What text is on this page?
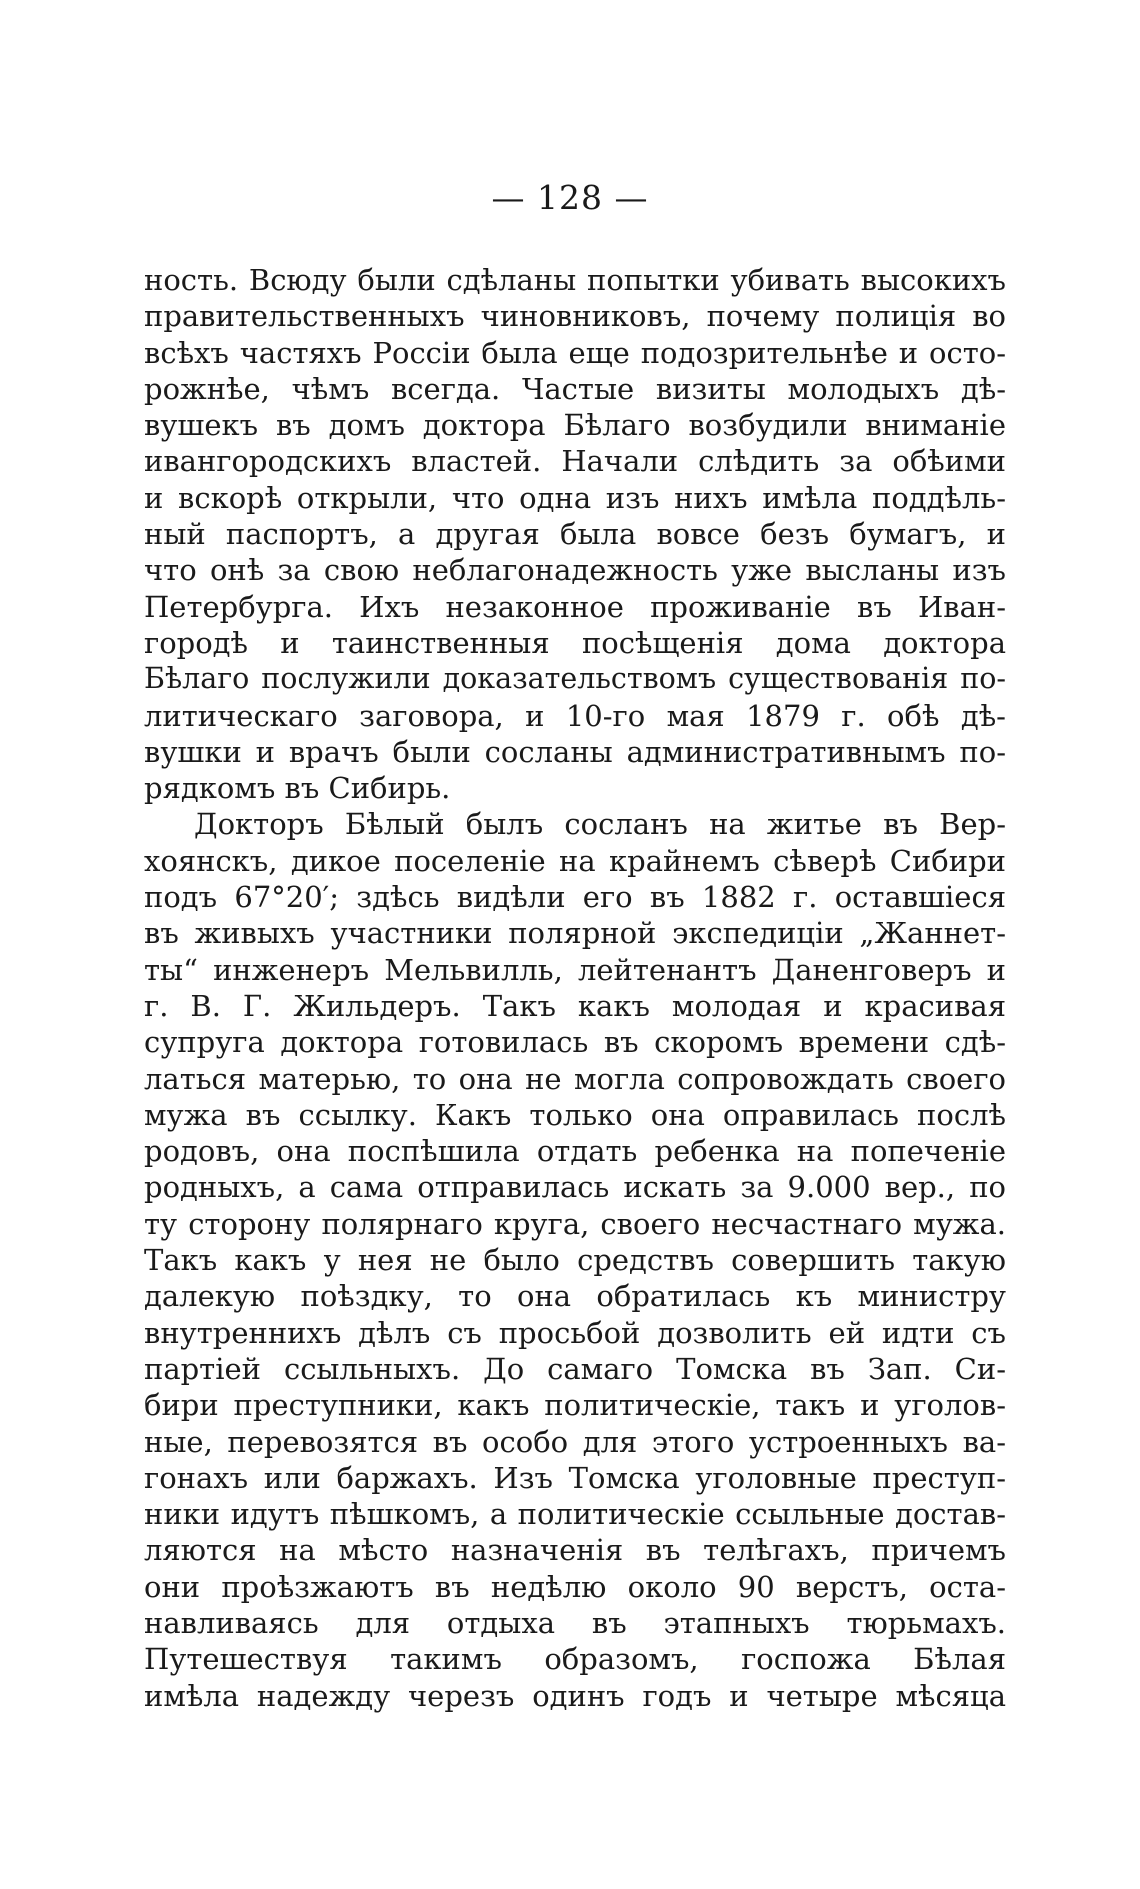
— 128 —
ность. Всюду были сдѣланы попытки убивать высокихъ
правительственныхъ чиновниковъ, почему полиція во
всѣхъ частяхъ Россіи была еще подозрительнѣе и осто-
рожнѣе, чѣмъ всегда. Частые визиты молодыхъ дѣ-
вушекъ въ домъ доктора Бѣлаго возбудили вниманіе
ивангородскихъ властей. Начали слѣдить за обѣими
и вскорѣ открыли, что одна изъ нихъ имѣла поддѣль-
ный паспортъ, а другая была вовсе безъ бумагъ, и
что онѣ за свою неблагонадежность уже высланы изъ
Петербурга. Ихъ незаконное проживаніе въ Иван-
городѣ и таинственныя посѣщенія дома доктора
Бѣлаго послужили доказательствомъ существованія по-
литическаго заговора, и 10-го мая 1879 г. обѣ дѣ-
вушки и врачъ были сосланы административнымъ по-
рядкомъ въ Сибирь.
Докторъ Бѣлый былъ сосланъ на житье въ Вер-
хоянскъ, дикое поселеніе на крайнемъ сѣверѣ Сибири
подъ 67°20′; здѣсь видѣли его въ 1882 г. оставшіеся
въ живыхъ участники полярной экспедиціи „Жаннет-
ты“ инженеръ Мельвилль, лейтенантъ Даненговеръ и
г. В. Г. Жильдеръ. Такъ какъ молодая и красивая
супруга доктора готовилась въ скоромъ времени сдѣ-
латься матерью, то она не могла сопровождать своего
мужа въ ссылку. Какъ только она оправилась послѣ
родовъ, она поспѣшила отдать ребенка на попеченіе
родныхъ, а сама отправилась искать за 9.000 вер., по
ту сторону полярнаго круга, своего несчастнаго мужа.
Такъ какъ у нея не было средствъ совершить такую
далекую поѣздку, то она обратилась къ министру
внутреннихъ дѣлъ съ просьбой дозволить ей идти съ
партіей ссыльныхъ. До самаго Томска въ Зап. Си-
бири преступники, какъ политическіе, такъ и уголов-
ные, перевозятся въ особо для этого устроенныхъ ва-
гонахъ или баржахъ. Изъ Томска уголовные преступ-
ники идутъ пѣшкомъ, а политическіе ссыльные достав-
ляются на мѣсто назначенія въ телѣгахъ, причемъ
они проѣзжаютъ въ недѣлю около 90 верстъ, оста-
навливаясь для отдыха въ этапныхъ тюрьмахъ.
Путешествуя такимъ образомъ, госпожа Бѣлая
имѣла надежду черезъ одинъ годъ и четыре мѣсяца
